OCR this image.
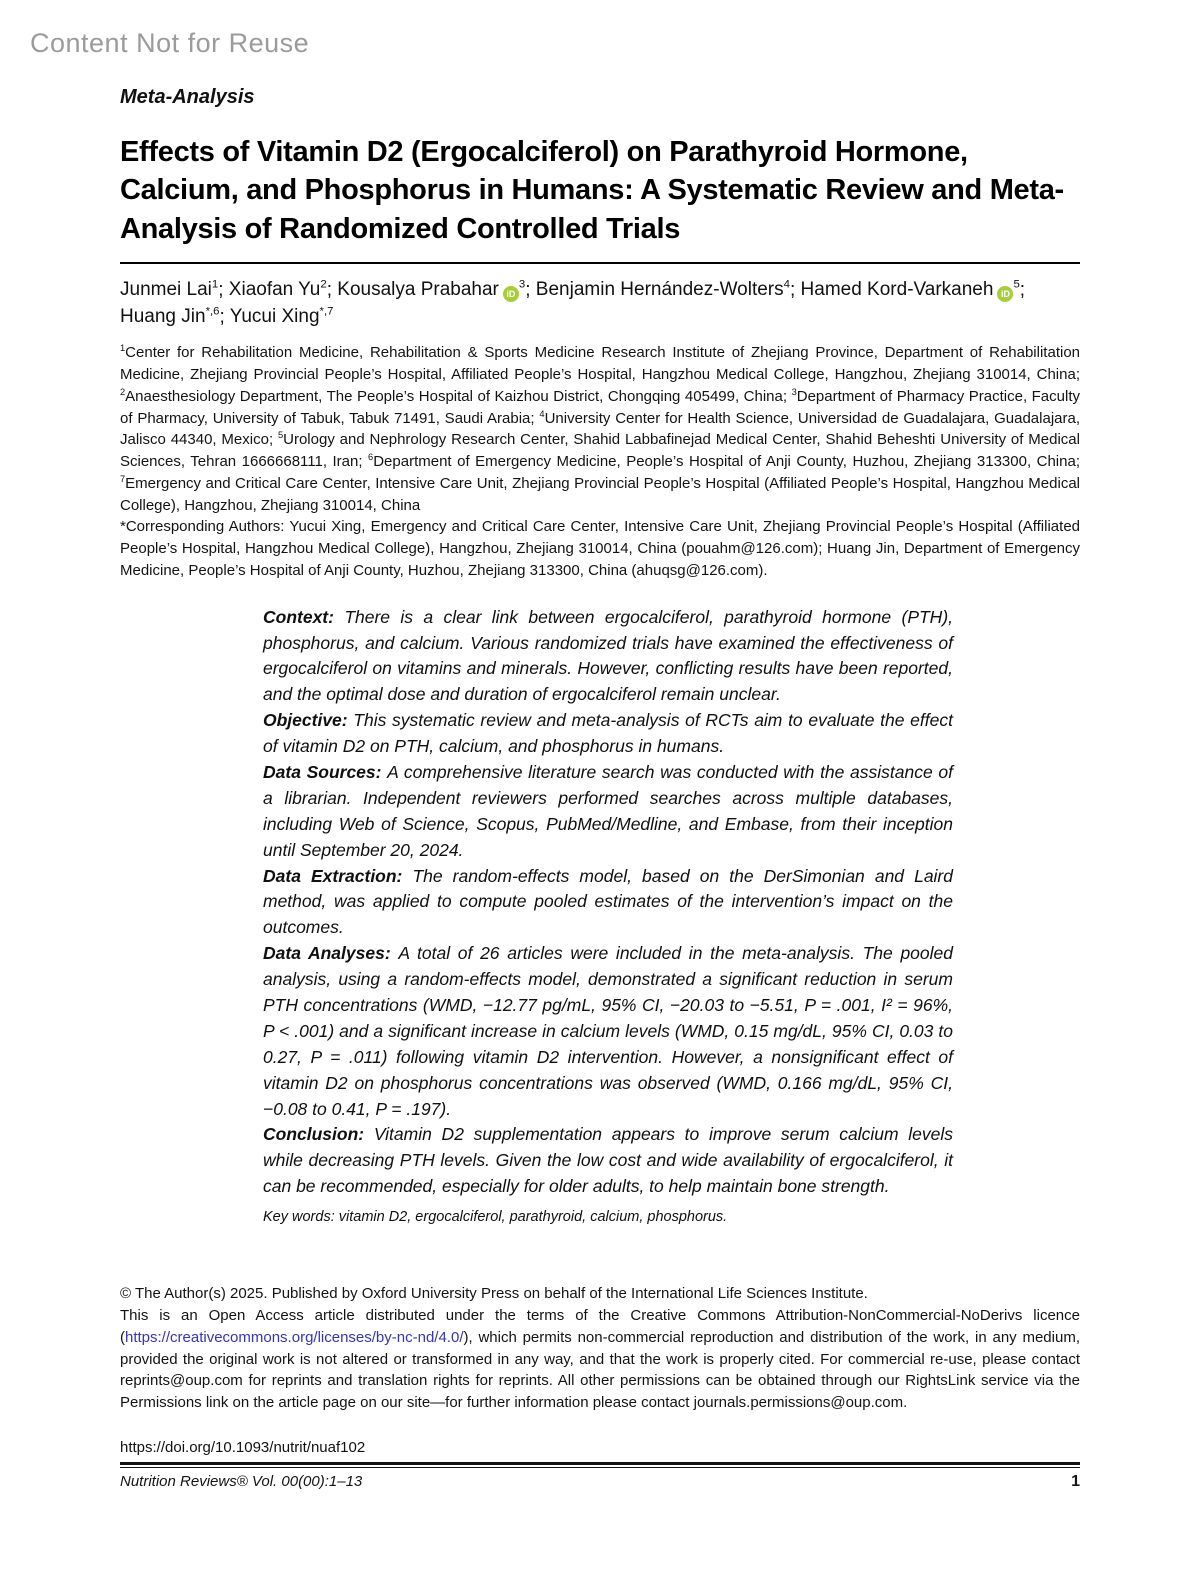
Content Not for Reuse
Meta-Analysis
Effects of Vitamin D2 (Ergocalciferol) on Parathyroid Hormone, Calcium, and Phosphorus in Humans: A Systematic Review and Meta-Analysis of Randomized Controlled Trials
Junmei Lai$^1$; Xiaofan Yu$^2$; Kousalya Prabahar $iD^3$; Benjamin Hernández-Wolters$^4$; Hamed Kord-Varkaneh $iD^5$; Huang Jin$^{*,6}$; Yucui Xing$^{*,7}$
$^1$Center for Rehabilitation Medicine, Rehabilitation & Sports Medicine Research Institute of Zhejiang Province, Department of Rehabilitation Medicine, Zhejiang Provincial People’s Hospital, Affiliated People’s Hospital, Hangzhou Medical College, Hangzhou, Zhejiang 310014, China; $^2$Anaesthesiology Department, The People’s Hospital of Kaizhou District, Chongqing 405499, China; $^3$Department of Pharmacy Practice, Faculty of Pharmacy, University of Tabuk, Tabuk 71491, Saudi Arabia; $^4$University Center for Health Science, Universidad de Guadalajara, Guadalajara, Jalisco 44340, Mexico; $^5$Urology and Nephrology Research Center, Shahid Labbafinejad Medical Center, Shahid Beheshti University of Medical Sciences, Tehran 1666668111, Iran; $^6$Department of Emergency Medicine, People’s Hospital of Anji County, Huzhou, Zhejiang 313300, China; $^7$Emergency and Critical Care Center, Intensive Care Unit, Zhejiang Provincial People’s Hospital (Affiliated People’s Hospital, Hangzhou Medical College), Hangzhou, Zhejiang 310014, China
*Corresponding Authors: Yucui Xing, Emergency and Critical Care Center, Intensive Care Unit, Zhejiang Provincial People’s Hospital (Affiliated People’s Hospital, Hangzhou Medical College), Hangzhou, Zhejiang 310014, China (pouahm@126.com); Huang Jin, Department of Emergency Medicine, People’s Hospital of Anji County, Huzhou, Zhejiang 313300, China (ahuqsg@126.com).

Context: There is a clear link between ergocalciferol, parathyroid hormone (PTH), phosphorus, and calcium. Various randomized trials have examined the effectiveness of ergocalciferol on vitamins and minerals. However, conflicting results have been reported, and the optimal dose and duration of ergocalciferol remain unclear.

Objective: This systematic review and meta-analysis of RCTs aim to evaluate the effect of vitamin D2 on PTH, calcium, and phosphorus in humans.

Data Sources: A comprehensive literature search was conducted with the assistance of a librarian. Independent reviewers performed searches across multiple databases, including Web of Science, Scopus, PubMed/Medline, and Embase, from their inception until September 20, 2024.

Data Extraction: The random-effects model, based on the DerSimonian and Laird method, was applied to compute pooled estimates of the intervention’s impact on the outcomes.

Data Analyses: A total of 26 articles were included in the meta-analysis. The pooled analysis, using a random-effects model, demonstrated a significant reduction in serum PTH concentrations (WMD, −12.77 pg/mL, 95% CI, −20.03 to −5.51, P = .001, I² = 96%, P < .001) and a significant increase in calcium levels (WMD, 0.15 mg/dL, 95% CI, 0.03 to 0.27, P = .011) following vitamin D2 intervention. However, a nonsignificant effect of vitamin D2 on phosphorus concentrations was observed (WMD, 0.166 mg/dL, 95% CI, −0.08 to 0.41, P = .197).

Conclusion: Vitamin D2 supplementation appears to improve serum calcium levels while decreasing PTH levels. Given the low cost and wide availability of ergocalciferol, it can be recommended, especially for older adults, to help maintain bone strength.

Key words: vitamin D2, ergocalciferol, parathyroid, calcium, phosphorus.

© The Author(s) 2025. Published by Oxford University Press on behalf of the International Life Sciences Institute.

This is an Open Access article distributed under the terms of the Creative Commons Attribution-NonCommercial-NoDerivs licence (https://creativecommons.org/licenses/by-nc-nd/4.0/), which permits non-commercial reproduction and distribution of the work, in any medium, provided the original work is not altered or transformed in any way, and that the work is properly cited. For commercial re-use, please contact reprints@oup.com for reprints and translation rights for reprints. All other permissions can be obtained through our RightsLink service via the Permissions link on the article page on our site—for further information please contact journals.permissions@oup.com.

https://doi.org/10.1093/nutrit/nuaf102
Nutrition Reviews® Vol. 00(00):1–13	1
